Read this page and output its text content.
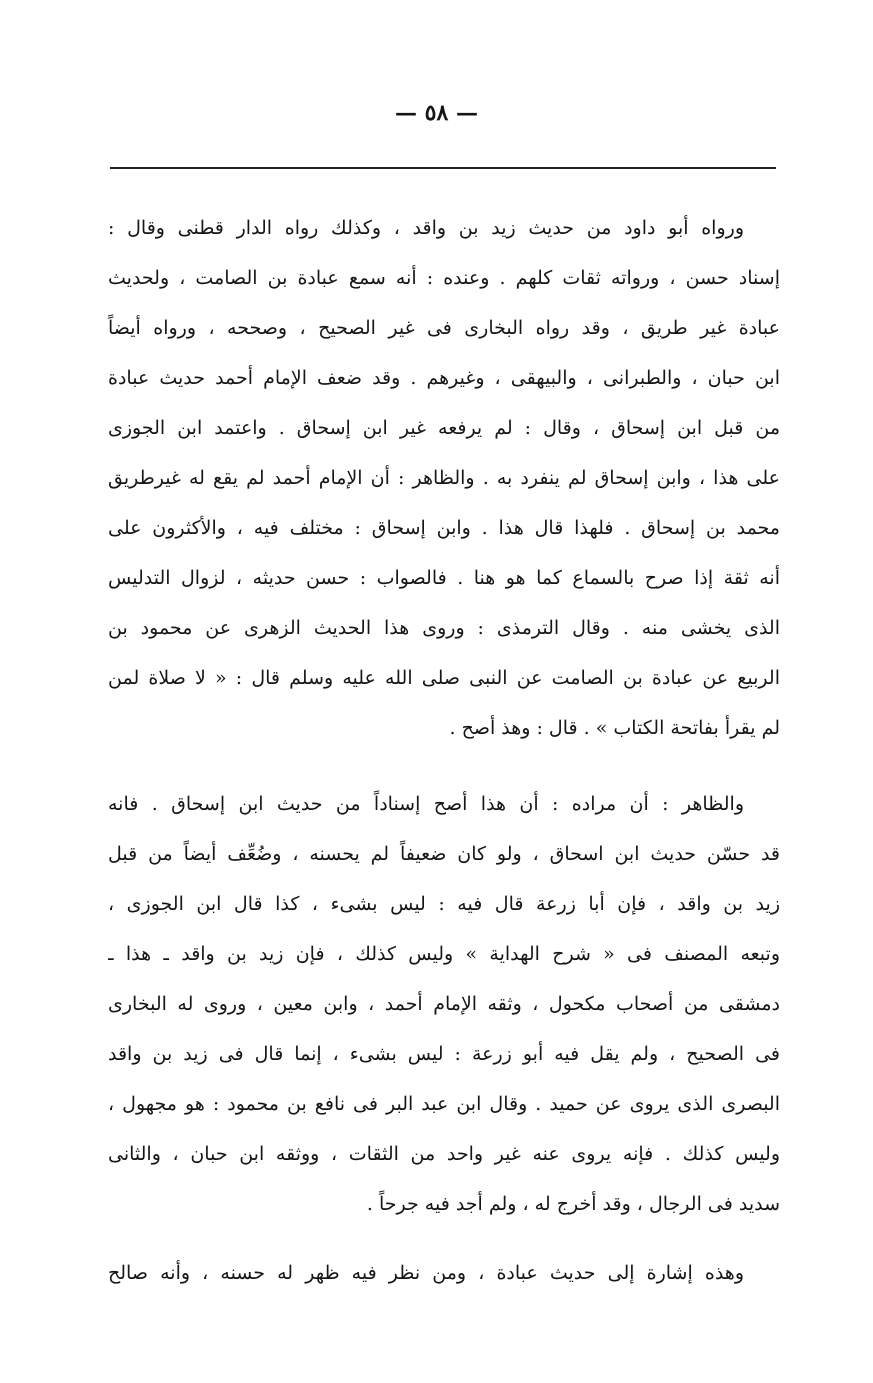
— ٥٨ —
ورواه أبو داود من حديث زيد بن واقد ، وكذلك رواه الدار قطنى وقال :
إسناد حسن ، ورواته ثقات كلهم . وعنده : أنه سمع عبادة بن الصامت ، ولحديث
عبادة غير طريق ، وقد رواه البخارى فى غير الصحيح ، وصححه ، ورواه أيضاً
ابن حبان ، والطبرانى ، والبيهقى ، وغيرهم . وقد ضعف الإمام أحمد حديث عبادة
من قبل ابن إسحاق ، وقال : لم يرفعه غير ابن إسحاق . واعتمد ابن الجوزى
على هذا ، وابن إسحاق لم ينفرد به . والظاهر : أن الإمام أحمد لم يقع له غيرطريق
محمد بن إسحاق . فلهذا قال هذا . وابن إسحاق : مختلف فيه ، والأكثرون على
أنه ثقة إذا صرح بالسماع كما هو هنا . فالصواب : حسن حديثه ، لزوال التدليس
الذى يخشى منه . وقال الترمذى : وروى هذا الحديث الزهرى عن محمود بن
الربيع عن عبادة بن الصامت عن النبى صلى الله عليه وسلم قال : « لا صلاة لمن
لم يقرأ بفاتحة الكتاب » . قال : وهذ أصح .
والظاهر : أن مراده : أن هذا أصح إسناداً من حديث ابن إسحاق . فانه
قد حسّن حديث ابن اسحاق ، ولو كان ضعيفاً لم يحسنه ، وضُعِّف أيضاً من قبل
زيد بن واقد ، فإن أبا زرعة قال فيه : ليس بشىء ، كذا قال ابن الجوزى ،
وتبعه المصنف فى « شرح الهداية » وليس كذلك ، فإن زيد بن واقد ـ هذا ـ
دمشقى من أصحاب مكحول ، وثقه الإمام أحمد ، وابن معين ، وروى له البخارى
فى الصحيح ، ولم يقل فيه أبو زرعة : ليس بشىء ، إنما قال فى زيد بن واقد
البصرى الذى يروى عن حميد . وقال ابن عبد البر فى نافع بن محمود : هو مجهول ،
وليس كذلك . فإنه يروى عنه غير واحد من الثقات ، ووثقه ابن حبان ، والثانى
سديد فى الرجال ، وقد أخرج له ، ولم أجد فيه جرحاً .
وهذه إشارة إلى حديث عبادة ، ومن نظر فيه ظهر له حسنه ، وأنه صالح
